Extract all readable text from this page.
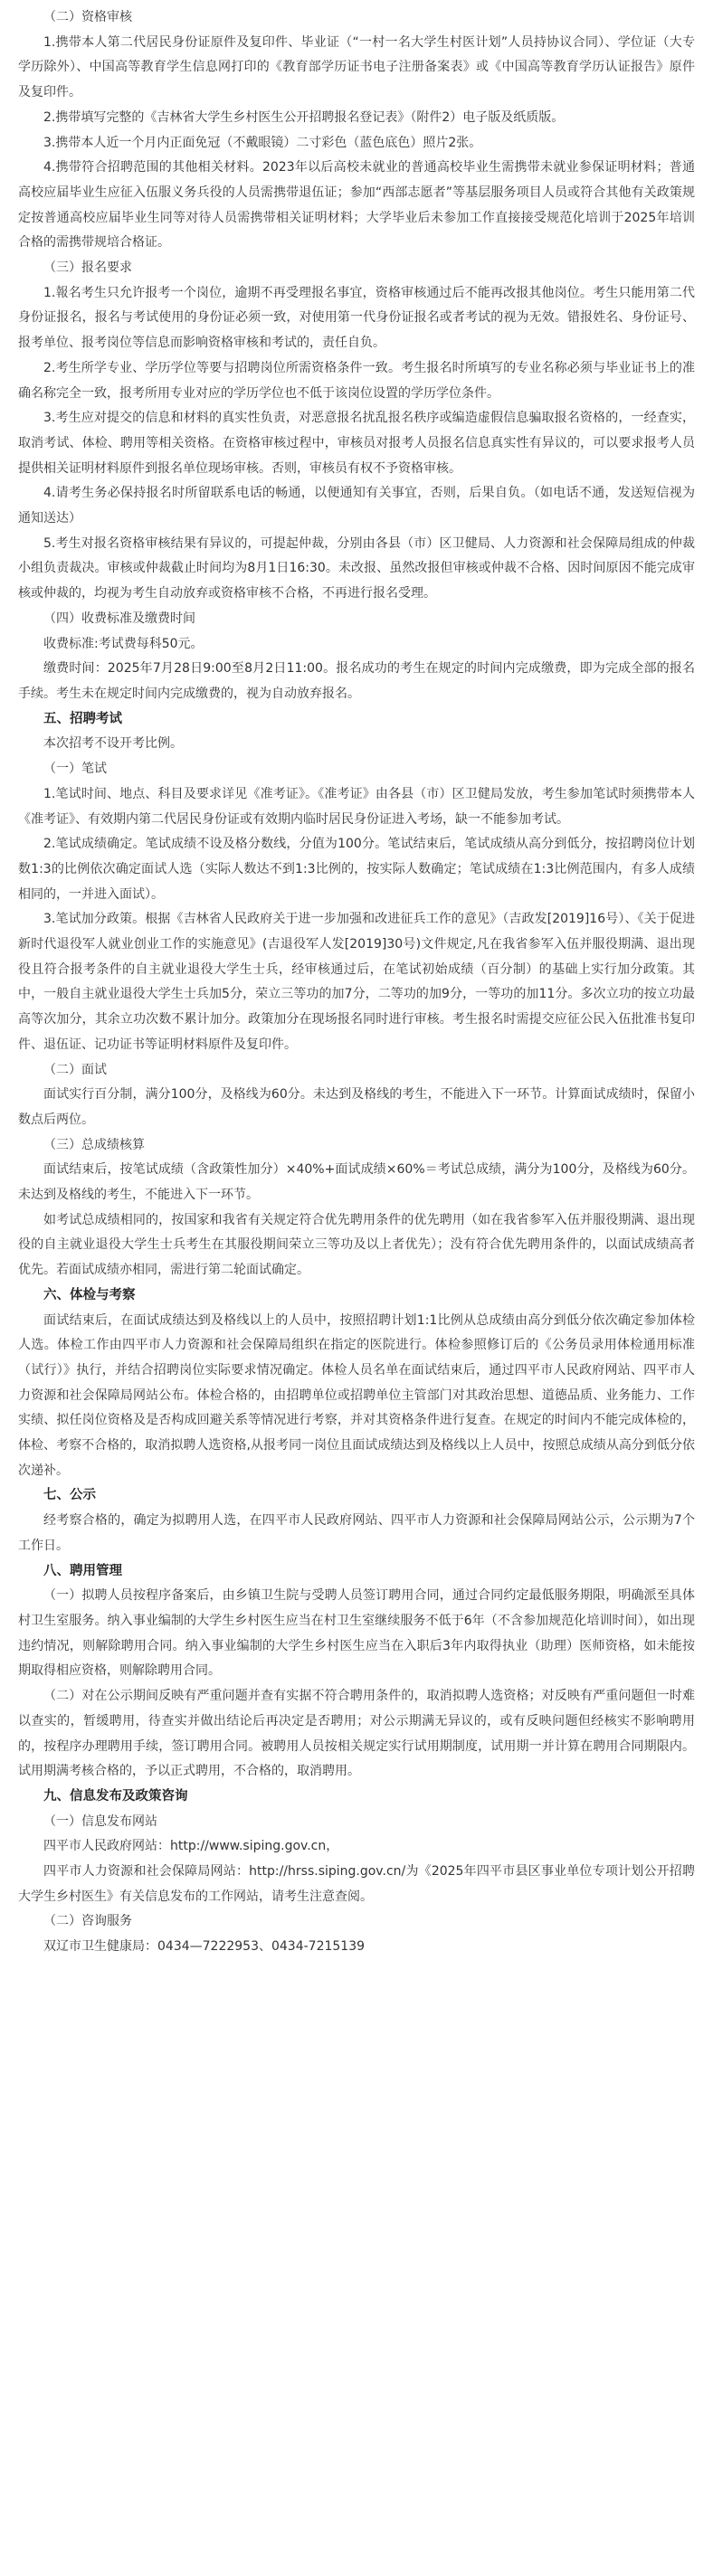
（二）资格审核

1.携带本人第二代居民身份证原件及复印件、毕业证（“一村一名大学生村医计划”人员持协议合同）、学位证（大专学历除外）、中国高等教育学生信息网打印的《教育部学历证书电子注册备案表》或《中国高等教育学历认证报告》原件及复印件。

2.携带填写完整的《吉林省大学生乡村医生公开招聘报名登记表》（附件2）电子版及纸质版。

3.携带本人近一个月内正面免冠（不戴眼镜）二寸彩色（蓝色底色）照片2张。

4.携带符合招聘范围的其他相关材料。2023年以后高校未就业的普通高校毕业生需携带未就业参保证明材料；普通高校应届毕业生应征入伍服义务兵役的人员需携带退伍证；参加“西部志愿者”等基层服务项目人员或符合其他有关政策规定按普通高校应届毕业生同等对待人员需携带相关证明材料；大学毕业后未参加工作直接接受规范化培训于2025年培训合格的需携带规培合格证。

（三）报名要求

1.報名考生只允许报考一个岗位，逾期不再受理报名事宜，资格审核通过后不能再改报其他岗位。考生只能用第二代身份证报名，报名与考试使用的身份证必须一致，对使用第一代身份证报名或者考试的视为无效。错报姓名、身份证号、报考单位、报考岗位等信息而影响资格审核和考试的，责任自负。

2.考生所学专业、学历学位等要与招聘岗位所需资格条件一致。考生报名时所填写的专业名称必须与毕业证书上的准确名称完全一致，报考所用专业对应的学历学位也不低于该岗位设置的学历学位条件。

3.考生应对提交的信息和材料的真实性负责，对恶意报名扰乱报名秩序或编造虚假信息骗取报名资格的，一经查实，取消考试、体检、聘用等相关资格。在资格审核过程中，审核员对报考人员报名信息真实性有异议的，可以要求报考人员提供相关证明材料原件到报名单位现场审核。否则，审核员有权不予资格审核。

4.请考生务必保持报名时所留联系电话的畅通，以便通知有关事宜，否则，后果自负。（如电话不通，发送短信视为通知送达）

5.考生对报名资格审核结果有异议的，可提起仲裁，分别由各县（市）区卫健局、人力资源和社会保障局组成的仲裁小组负责裁决。审核或仲裁截止时间均为8月1日16:30。未改报、虽然改报但审核或仲裁不合格、因时间原因不能完成审核或仲裁的，均视为考生自动放弃或资格审核不合格，不再进行报名受理。

（四）收费标准及缴费时间

收费标准:考试费每科50元。

缴费时间：2025年7月28日9:00至8月2日11:00。报名成功的考生在规定的时间内完成缴费，即为完成全部的报名手续。考生未在规定时间内完成缴费的，视为自动放弃报名。

五、招聘考试

本次招考不设开考比例。

（一）笔试

1.笔试时间、地点、科目及要求详见《准考证》。《准考证》由各县（市）区卫健局发放，考生参加笔试时须携带本人《准考证》、有效期内第二代居民身份证或有效期内临时居民身份证进入考场，缺一不能参加考试。

2.笔试成绩确定。笔试成绩不设及格分数线，分值为100分。笔试结束后，笔试成绩从高分到低分，按招聘岗位计划数1:3的比例依次确定面试人选（实际人数达不到1:3比例的，按实际人数确定；笔试成绩在1:3比例范围内，有多人成绩相同的，一并进入面试）。

3.笔试加分政策。根据《吉林省人民政府关于进一步加强和改进征兵工作的意见》（吉政发[2019]16号）、《关于促进新时代退役军人就业创业工作的实施意见》(吉退役军人发[2019]30号)文件规定,凡在我省参军入伍并服役期满、退出现役且符合报考条件的自主就业退役大学生士兵，经审核通过后，在笔试初始成绩（百分制）的基础上实行加分政策。其中，一般自主就业退役大学生士兵加5分，荣立三等功的加7分，二等功的加9分，一等功的加11分。多次立功的按立功最高等次加分，其余立功次数不累计加分。政策加分在现场报名同时进行审核。考生报名时需提交应征公民入伍批准书复印件、退伍证、记功证书等证明材料原件及复印件。

（二）面试

面试实行百分制，满分100分，及格线为60分。未达到及格线的考生，不能进入下一环节。计算面试成绩时，保留小数点后两位。

（三）总成绩核算

面试结束后，按笔试成绩（含政策性加分）×40%+面试成绩×60%＝考试总成绩，满分为100分，及格线为60分。未达到及格线的考生，不能进入下一环节。

如考试总成绩相同的，按国家和我省有关规定符合优先聘用条件的优先聘用（如在我省参军入伍并服役期满、退出现役的自主就业退役大学生士兵考生在其服役期间荣立三等功及以上者优先）；没有符合优先聘用条件的，以面试成绩高者优先。若面试成绩亦相同，需进行第二轮面试确定。

六、体检与考察

面试结束后，在面试成绩达到及格线以上的人员中，按照招聘计划1:1比例从总成绩由高分到低分依次确定参加体检人选。体检工作由四平市人力资源和社会保障局组织在指定的医院进行。体检参照修订后的《公务员录用体检通用标准（试行）》执行，并结合招聘岗位实际要求情况确定。体检人员名单在面试结束后，通过四平市人民政府网站、四平市人力资源和社会保障局网站公布。体检合格的，由招聘单位或招聘单位主管部门对其政治思想、道德品质、业务能力、工作实绩、拟任岗位资格及是否构成回避关系等情况进行考察，并对其资格条件进行复查。在规定的时间内不能完成体检的，体检、考察不合格的，取消拟聘人选资格,从报考同一岗位且面试成绩达到及格线以上人员中，按照总成绩从高分到低分依次递补。

七、公示

经考察合格的，确定为拟聘用人选，在四平市人民政府网站、四平市人力资源和社会保障局网站公示，公示期为7个工作日。

八、聘用管理

（一）拟聘人员按程序备案后，由乡镇卫生院与受聘人员签订聘用合同，通过合同约定最低服务期限，明确派至具体村卫生室服务。纳入事业编制的大学生乡村医生应当在村卫生室继续服务不低于6年（不含参加规范化培训时间），如出现违约情况，则解除聘用合同。纳入事业编制的大学生乡村医生应当在入职后3年内取得执业（助理）医师资格，如未能按期取得相应资格，则解除聘用合同。

（二）对在公示期间反映有严重问题并查有实据不符合聘用条件的，取消拟聘人选资格；对反映有严重问题但一时难以查实的，暂缓聘用，待查实并做出结论后再决定是否聘用；对公示期满无异议的，或有反映问题但经核实不影响聘用的，按程序办理聘用手续，签订聘用合同。被聘用人员按相关规定实行试用期制度，试用期一并计算在聘用合同期限内。试用期满考核合格的，予以正式聘用，不合格的，取消聘用。

九、信息发布及政策咨询

（一）信息发布网站

四平市人民政府网站：http://www.siping.gov.cn，

四平市人力资源和社会保障局网站：http://hrss.siping.gov.cn/为《2025年四平市县区事业单位专项计划公开招聘大学生乡村医生》有关信息发布的工作网站，请考生注意查阅。

（二）咨询服务

双辽市卫生健康局：0434—7222953、0434-7215139
